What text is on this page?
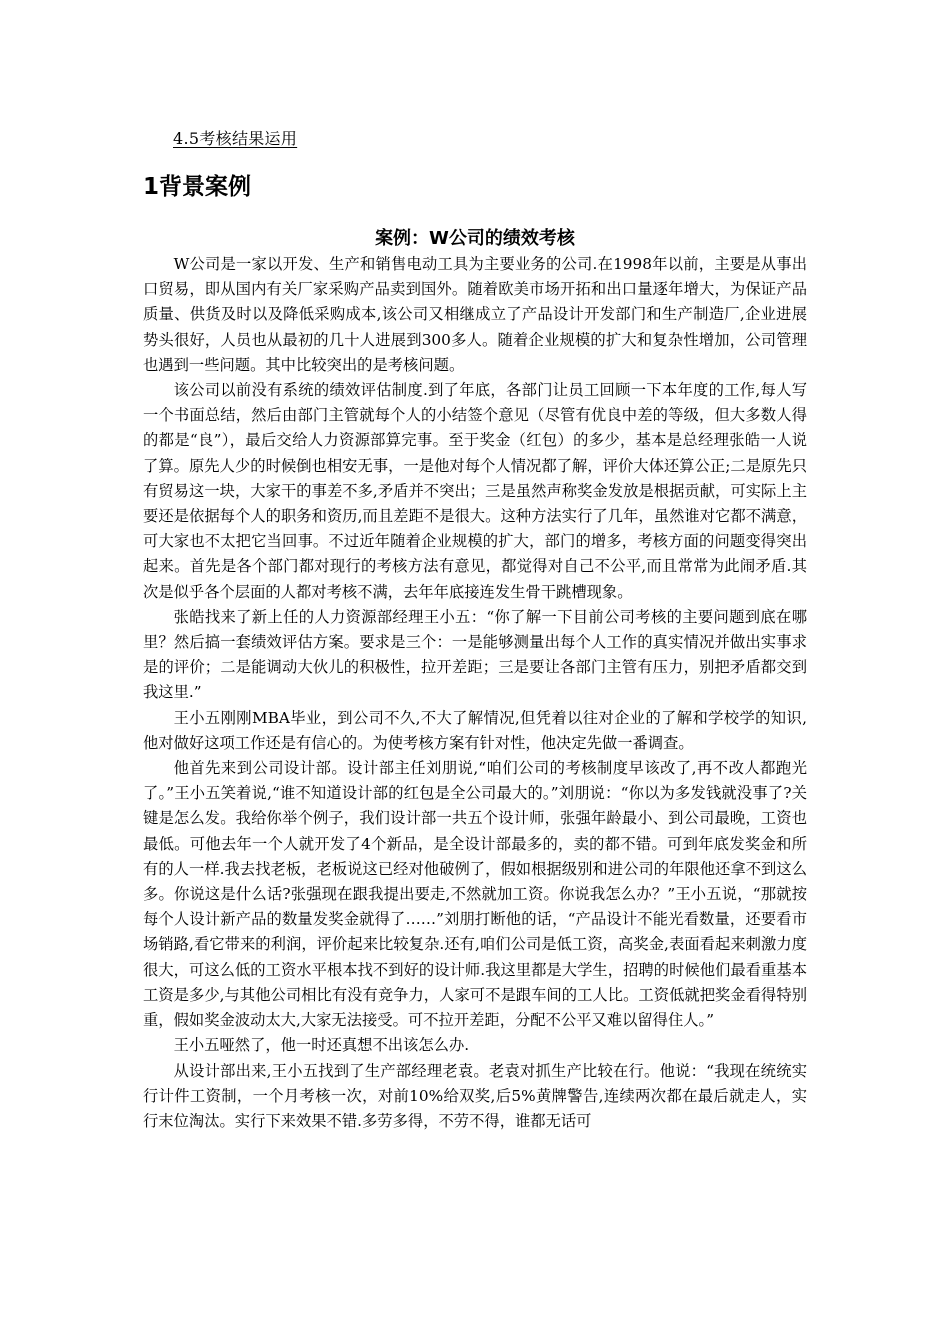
4.5考核结果运用
1背景案例
案例：W公司的绩效考核

W公司是一家以开发、生产和销售电动工具为主要业务的公司.在1998年以前，主要是从事出口贸易，即从国内有关厂家采购产品卖到国外。随着欧美市场开拓和出口量逐年增大，为保证产品质量、供货及时以及降低采购成本,该公司又相继成立了产品设计开发部门和生产制造厂,企业进展势头很好，人员也从最初的几十人进展到300多人。随着企业规模的扩大和复杂性增加，公司管理也遇到一些问题。其中比较突出的是考核问题。

该公司以前没有系统的绩效评估制度.到了年底，各部门让员工回顾一下本年度的工作,每人写一个书面总结，然后由部门主管就每个人的小结签个意见（尽管有优良中差的等级，但大多数人得的都是“良”），最后交给人力资源部算完事。至于奖金（红包）的多少，基本是总经理张皓一人说了算。原先人少的时候倒也相安无事，一是他对每个人情况都了解，评价大体还算公正;二是原先只有贸易这一块，大家干的事差不多,矛盾并不突出；三是虽然声称奖金发放是根据贡献，可实际上主要还是依据每个人的职务和资历,而且差距不是很大。这种方法实行了几年，虽然谁对它都不满意，可大家也不太把它当回事。不过近年随着企业规模的扩大，部门的增多，考核方面的问题变得突出起来。首先是各个部门都对现行的考核方法有意见，都觉得对自己不公平,而且常常为此闹矛盾.其次是似乎各个层面的人都对考核不满，去年年底接连发生骨干跳槽现象。

张皓找来了新上任的人力资源部经理王小五：“你了解一下目前公司考核的主要问题到底在哪里？然后搞一套绩效评估方案。要求是三个：一是能够测量出每个人工作的真实情况并做出实事求是的评价；二是能调动大伙儿的积极性，拉开差距；三是要让各部门主管有压力，别把矛盾都交到我这里.”

王小五刚刚MBA毕业，到公司不久,不大了解情况,但凭着以往对企业的了解和学校学的知识,他对做好这项工作还是有信心的。为使考核方案有针对性，他决定先做一番调查。

他首先来到公司设计部。设计部主任刘朋说,“咱们公司的考核制度早该改了,再不改人都跑光了。”王小五笑着说,“谁不知道设计部的红包是全公司最大的。”刘朋说：“你以为多发钱就没事了?关键是怎么发。我给你举个例子，我们设计部一共五个设计师，张强年龄最小、到公司最晚，工资也最低。可他去年一个人就开发了4个新品，是全设计部最多的，卖的都不错。可到年底发奖金和所有的人一样.我去找老板，老板说这已经对他破例了，假如根据级别和进公司的年限他还拿不到这么多。你说这是什么话?张强现在跟我提出要走,不然就加工资。你说我怎么办？”王小五说，“那就按每个人设计新产品的数量发奖金就得了……”刘朋打断他的话，“产品设计不能光看数量，还要看市场销路,看它带来的利润，评价起来比较复杂.还有,咱们公司是低工资，高奖金,表面看起来刺激力度很大，可这么低的工资水平根本找不到好的设计师.我这里都是大学生，招聘的时候他们最看重基本工资是多少,与其他公司相比有没有竞争力，人家可不是跟车间的工人比。工资低就把奖金看得特别重，假如奖金波动太大,大家无法接受。可不拉开差距，分配不公平又难以留得住人。”

王小五哑然了，他一时还真想不出该怎么办.

从设计部出来,王小五找到了生产部经理老袁。老袁对抓生产比较在行。他说：“我现在统统实行计件工资制，一个月考核一次，对前10%给双奖,后5%黄牌警告,连续两次都在最后就走人，实行末位淘汰。实行下来效果不错.多劳多得，不劳不得，谁都无话可
